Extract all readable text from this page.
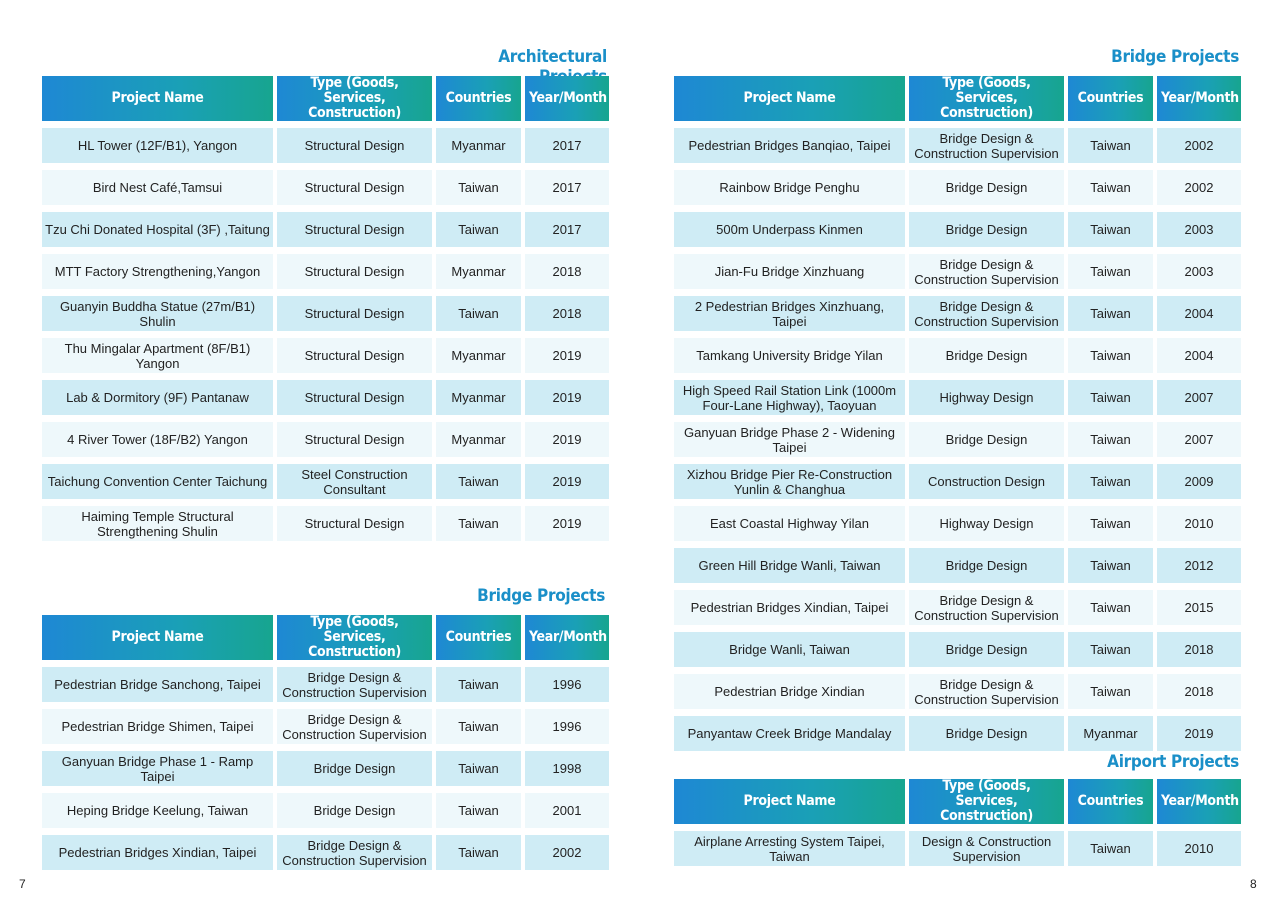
Architectural
Project Name	Type (Goods, Services, Construction)	Countries	Year/Month
HL Tower (12F/B1), Yangon	Structural Design	Myanmar	2017
Bird Nest Café,Tamsui	Structural Design	Taiwan	2017
Tzu Chi Donated Hospital (3F) ,Taitung	Structural Design	Taiwan	2017
MTT Factory Strengthening,Yangon	Structural Design	Myanmar	2018
Guanyin Buddha Statue (27m/B1) Shulin	Structural Design	Taiwan	2018
Thu Mingalar Apartment (8F/B1) Yangon	Structural Design	Myanmar	2019
Lab & Dormitory (9F) Pantanaw	Structural Design	Myanmar	2019
4 River Tower (18F/B2) Yangon	Structural Design	Myanmar	2019
Taichung Convention Center Taichung	Steel Construction Consultant	Taiwan	2019
Haiming Temple Structural Strengthening Shulin	Structural Design	Taiwan	2019
Bridge Projects
Project Name	Type (Goods, Services, Construction)	Countries	Year/Month
Pedestrian Bridge Sanchong, Taipei	Bridge Design & Construction Supervision	Taiwan	1996
Pedestrian Bridge Shimen, Taipei	Bridge Design & Construction Supervision	Taiwan	1996
Ganyuan Bridge Phase 1 - Ramp Taipei	Bridge Design	Taiwan	1998
Heping Bridge Keelung, Taiwan	Bridge Design	Taiwan	2001
Pedestrian Bridges Xindian, Taipei	Bridge Design & Construction Supervision	Taiwan	2002
7
Bridge Projects
Project Name	Type (Goods, Services, Construction)	Countries	Year/Month
Pedestrian Bridges Banqiao, Taipei	Bridge Design & Construction Supervision	Taiwan	2002
Rainbow Bridge Penghu	Bridge Design	Taiwan	2002
500m Underpass Kinmen	Bridge Design	Taiwan	2003
Jian-Fu Bridge Xinzhuang	Bridge Design & Construction Supervision	Taiwan	2003
2 Pedestrian Bridges Xinzhuang, Taipei	Bridge Design & Construction Supervision	Taiwan	2004
Tamkang University Bridge Yilan	Bridge Design	Taiwan	2004
High Speed Rail Station Link (1000m Four-Lane Highway), Taoyuan	Highway Design	Taiwan	2007
Ganyuan Bridge Phase 2 - Widening Taipei	Bridge Design	Taiwan	2007
Xizhou Bridge Pier Re-Construction Yunlin & Changhua	Construction Design	Taiwan	2009
East Coastal Highway Yilan	Highway Design	Taiwan	2010
Green Hill Bridge Wanli, Taiwan	Bridge Design	Taiwan	2012
Pedestrian Bridges Xindian, Taipei	Bridge Design & Construction Supervision	Taiwan	2015
Bridge Wanli, Taiwan	Bridge Design	Taiwan	2018
Pedestrian Bridge Xindian	Bridge Design & Construction Supervision	Taiwan	2018
Panyantaw Creek Bridge Mandalay	Bridge Design	Myanmar	2019
Airport Projects
Project Name	Type (Goods, Services, Construction)	Countries	Year/Month
Airplane Arresting System Taipei, Taiwan	Design & Construction Supervision	Taiwan	2010
8
